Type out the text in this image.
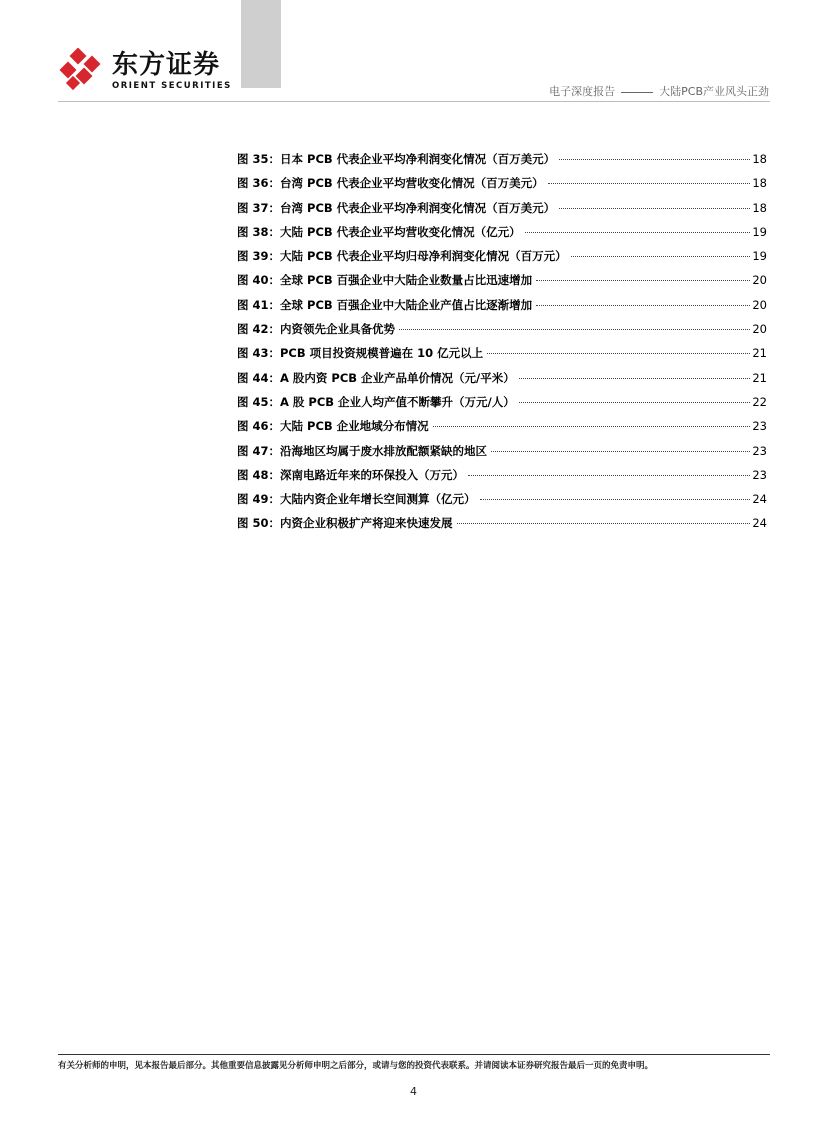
东方证券
ORIENT SECURITIES	电子深度报告	大陆PCB产业风头正劲
图 35：日本 PCB 代表企业平均净利润变化情况（百万美元）	18
图 36：台湾 PCB 代表企业平均营收变化情况（百万美元）	18
图 37：台湾 PCB 代表企业平均净利润变化情况（百万美元）	18
图 38：大陆 PCB 代表企业平均营收变化情况（亿元）	19
图 39：大陆 PCB 代表企业平均归母净利润变化情况（百万元）	19
图 40：全球 PCB 百强企业中大陆企业数量占比迅速增加	20
图 41：全球 PCB 百强企业中大陆企业产值占比逐渐增加	20
图 42：内资领先企业具备优势	20
图 43：PCB 项目投资规模普遍在 10 亿元以上	21
图 44：A 股内资 PCB 企业产品单价情况（元/平米）	21
图 45：A 股 PCB 企业人均产值不断攀升（万元/人）	22
图 46：大陆 PCB 企业地域分布情况	23
图 47：沿海地区均属于废水排放配额紧缺的地区	23
图 48：深南电路近年来的环保投入（万元）	23
图 49：大陆内资企业年增长空间测算（亿元）	24
图 50：内资企业积极扩产将迎来快速发展	24
有关分析师的申明，见本报告最后部分。其他重要信息披露见分析师申明之后部分，或请与您的投资代表联系。并请阅读本证券研究报告最后一页的免责申明。
4
